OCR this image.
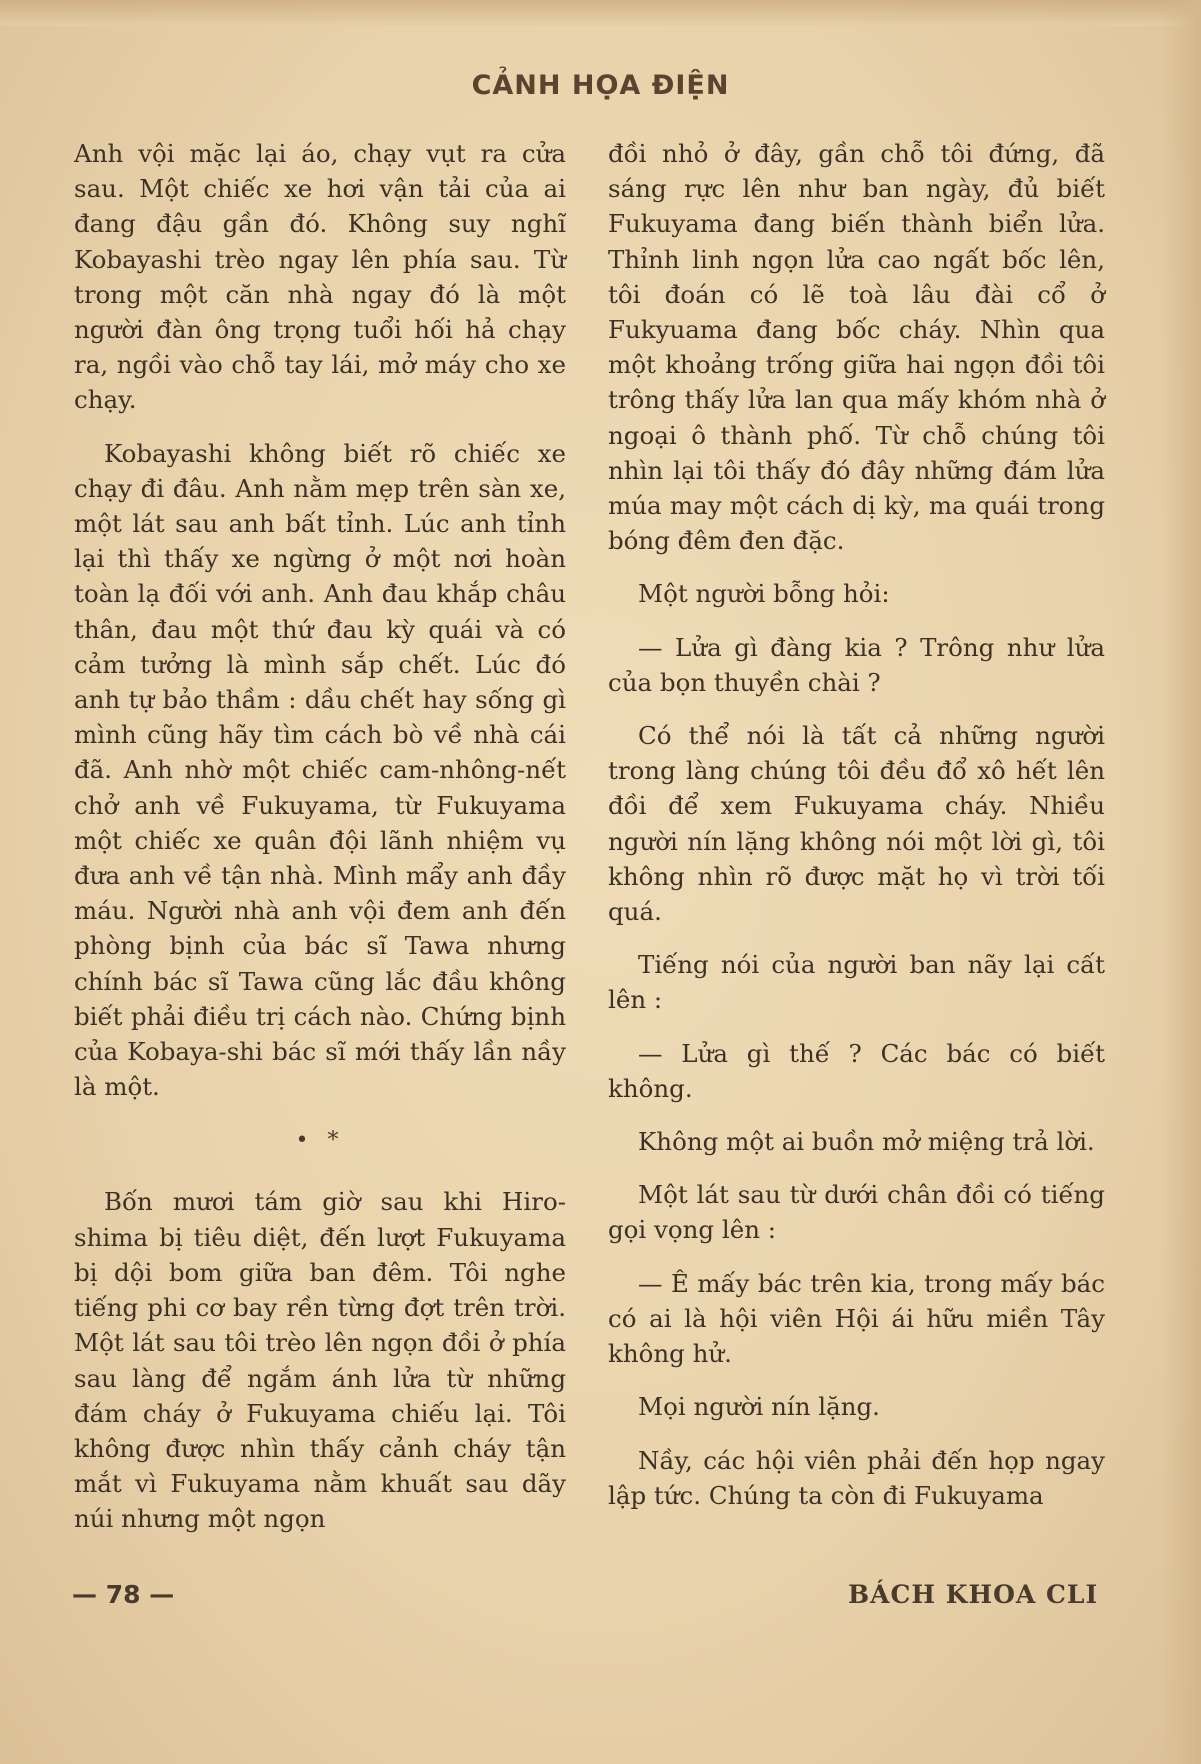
CẢNH HỌA ĐIỆN

Anh vội mặc lại áo, chạy vụt ra cửa sau. Một chiếc xe hơi vận tải của ai đang đậu gần đó. Không suy nghĩ Kobayashi trèo ngay lên phía sau. Từ trong một căn nhà ngay đó là một người đàn ông trọng tuổi hối hả chạy ra, ngồi vào chỗ tay lái, mở máy cho xe chạy.

Kobayashi không biết rõ chiếc xe chạy đi đâu. Anh nằm mẹp trên sàn xe, một lát sau anh bất tỉnh. Lúc anh tỉnh lại thì thấy xe ngừng ở một nơi hoàn toàn lạ đối với anh. Anh đau khắp châu thân, đau một thứ đau kỳ quái và có cảm tưởng là mình sắp chết. Lúc đó anh tự bảo thầm : dầu chết hay sống gì mình cũng hãy tìm cách bò về nhà cái đã. Anh nhờ một chiếc cam-nhông-nết chở anh về Fukuyama, từ Fukuyama một chiếc xe quân đội lãnh nhiệm vụ đưa anh về tận nhà. Mình mẩy anh đầy máu. Người nhà anh vội đem anh đến phòng bịnh của bác sĩ Tawa nhưng chính bác sĩ Tawa cũng lắc đầu không biết phải điều trị cách nào. Chứng bịnh của Kobaya-shi bác sĩ mới thấy lần nầy là một.

• *

Bốn mươi tám giờ sau khi Hiro-shima bị tiêu diệt, đến lượt Fukuyama bị dội bom giữa ban đêm. Tôi nghe tiếng phi cơ bay rền từng đợt trên trời. Một lát sau tôi trèo lên ngọn đồi ở phía sau làng để ngắm ánh lửa từ những đám cháy ở Fukuyama chiếu lại. Tôi không được nhìn thấy cảnh cháy tận mắt vì Fukuyama nằm khuất sau dãy núi nhưng một ngọn

đồi nhỏ ở đây, gần chỗ tôi đứng, đã sáng rực lên như ban ngày, đủ biết Fukuyama đang biến thành biển lửa. Thỉnh linh ngọn lửa cao ngất bốc lên, tôi đoán có lẽ toà lâu đài cổ ở Fukyuama đang bốc cháy. Nhìn qua một khoảng trống giữa hai ngọn đồi tôi trông thấy lửa lan qua mấy khóm nhà ở ngoại ô thành phố. Từ chỗ chúng tôi nhìn lại tôi thấy đó đây những đám lửa múa may một cách dị kỳ, ma quái trong bóng đêm đen đặc.

Một người bỗng hỏi:

— Lửa gì đàng kia ? Trông như lửa của bọn thuyền chài ?

Có thể nói là tất cả những người trong làng chúng tôi đều đổ xô hết lên đồi để xem Fukuyama cháy. Nhiều người nín lặng không nói một lời gì, tôi không nhìn rõ được mặt họ vì trời tối quá.

Tiếng nói của người ban nãy lại cất lên :

— Lửa gì thế ? Các bác có biết không.

Không một ai buồn mở miệng trả lời.

Một lát sau từ dưới chân đồi có tiếng gọi vọng lên :

— Ê mấy bác trên kia, trong mấy bác có ai là hội viên Hội ái hữu miền Tây không hử.

Mọi người nín lặng.

Nầy, các hội viên phải đến họp ngay lập tức. Chúng ta còn đi Fukuyama

— 78 —	BÁCH KHOA CLI
